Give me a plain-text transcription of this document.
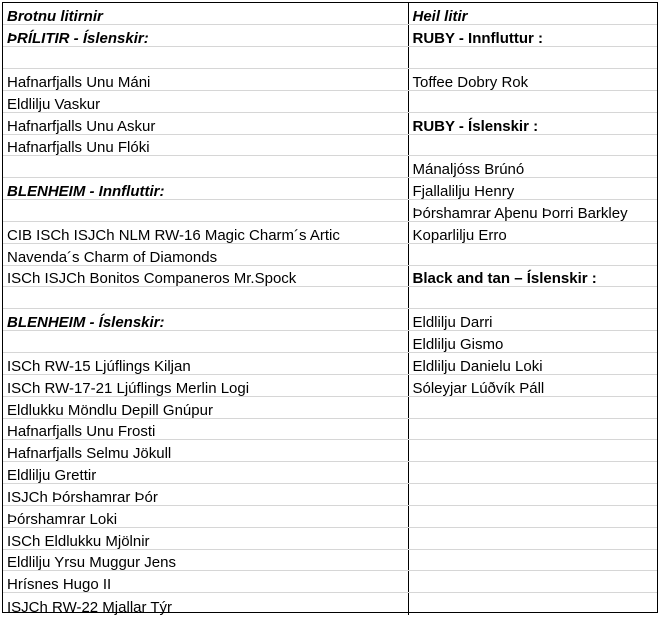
Brotnu litirnir	Heil litir
ÞRÍLITIR - Íslenskir:	RUBY - Innfluttur :

Hafnarfjalls Unu Máni	Toffee Dobry Rok
Eldlilju Vaskur	
Hafnarfjalls Unu Askur	RUBY - Íslenskir :
Hafnarfjalls Unu Flóki	
	Mánaljóss Brúnó
BLENHEIM - Innfluttir:	Fjallalilju Henry
	Þórshamrar Aþenu Þorri Barkley
CIB ISCh ISJCh NLM RW-16 Magic Charm´s Artic	Koparlilju Erro
Navenda´s Charm of Diamonds	
ISCh ISJCh Bonitos Companeros Mr.Spock	Black and tan – Íslenskir :

BLENHEIM - Íslenskir:	Eldlilju Darri
	Eldlilju Gismo
ISCh RW-15 Ljúflings Kiljan	Eldlilju Danielu Loki
ISCh RW-17-21 Ljúflings Merlin Logi	Sóleyjar Lúðvík Páll
Eldlukku Möndlu Depill Gnúpur	
Hafnarfjalls Unu Frosti	
Hafnarfjalls Selmu Jökull	
Eldlilju Grettir	
ISJCh Þórshamrar Þór	
Þórshamrar Loki	
ISCh Eldlukku Mjölnir	
Eldlilju Yrsu Muggur Jens	
Hrísnes Hugo II	
ISJCh RW-22 Mjallar Týr	
